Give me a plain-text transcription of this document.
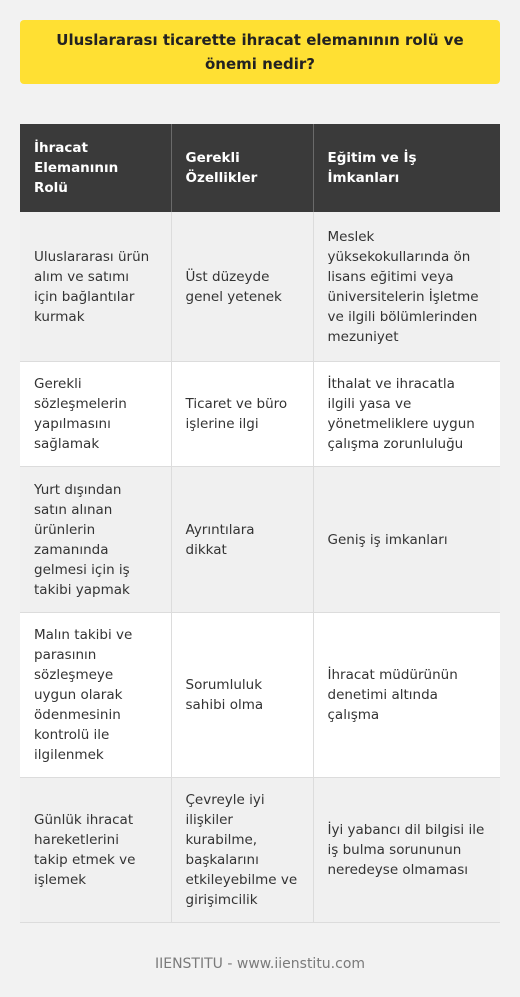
Uluslararası ticarette ihracat elemanının rolü ve önemi nedir?
İhracat Elemanının Rolü	Gerekli Özellikler	Eğitim ve İş İmkanları
Uluslararası ürün alım ve satımı için bağlantılar kurmak	Üst düzeyde genel yetenek	Meslek yüksekokullarında ön lisans eğitimi veya üniversitelerin İşletme ve ilgili bölümlerinden mezuniyet
Gerekli sözleşmelerin yapılmasını sağlamak	Ticaret ve büro işlerine ilgi	İthalat ve ihracatla ilgili yasa ve yönetmeliklere uygun çalışma zorunluluğu
Yurt dışından satın alınan ürünlerin zamanında gelmesi için iş takibi yapmak	Ayrıntılara dikkat	Geniş iş imkanları
Malın takibi ve parasının sözleşmeye uygun olarak ödenmesinin kontrolü ile ilgilenmek	Sorumluluk sahibi olma	İhracat müdürünün denetimi altında çalışma
Günlük ihracat hareketlerini takip etmek ve işlemek	Çevreyle iyi ilişkiler kurabilme, başkalarını etkileyebilme ve girişimcilik	İyi yabancı dil bilgisi ile iş bulma sorununun neredeyse olmaması
IIENSTITU - www.iienstitu.com
